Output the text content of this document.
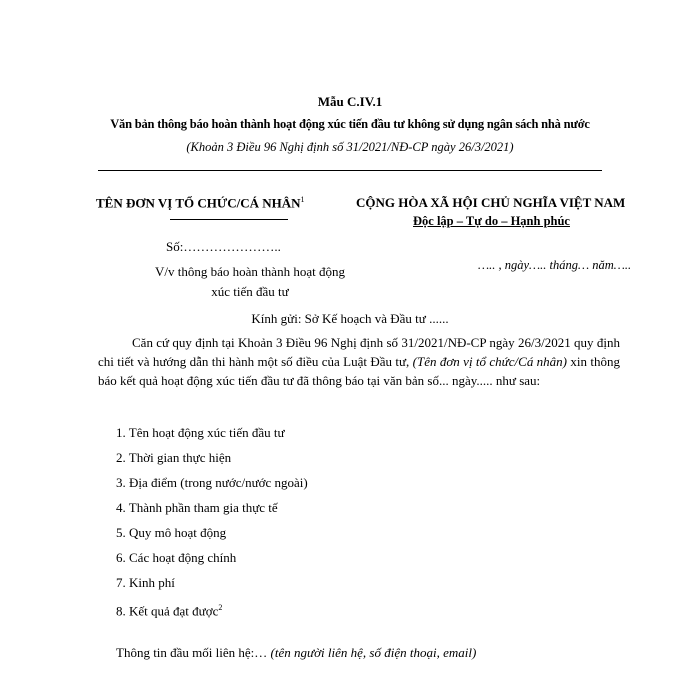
Mẫu C.IV.1
Văn bản thông báo hoàn thành hoạt động xúc tiến đầu tư không sử dụng ngân sách nhà nước
(Khoản 3 Điều 96 Nghị định số 31/2021/NĐ-CP ngày 26/3/2021)
TÊN ĐƠN VỊ TỔ CHỨC/CÁ NHÂN$^1$	CỘNG HÒA XÃ HỘI CHỦ NGHĨA VIỆT NAM
Độc lập – Tự do – Hạnh phúc
Số:…………………..
V/v thông báo hoàn thành hoạt động xúc tiến đầu tư
….. , ngày….. tháng… năm…..
Kính gửi: Sở Kế hoạch và Đầu tư ......

Căn cứ quy định tại Khoản 3 Điều 96 Nghị định số 31/2021/NĐ-CP ngày 26/3/2021 quy định chi tiết và hướng dẫn thi hành một số điều của Luật Đầu tư, (Tên đơn vị tổ chức/Cá nhân) xin thông báo kết quả hoạt động xúc tiến đầu tư đã thông báo tại văn bản số... ngày..... như sau:

1. Tên hoạt động xúc tiến đầu tư
2. Thời gian thực hiện
3. Địa điểm (trong nước/nước ngoài)
4. Thành phần tham gia thực tế
5. Quy mô hoạt động
6. Các hoạt động chính
7. Kinh phí
8. Kết quả đạt được$^2$
Thông tin đầu mối liên hệ:… (tên người liên hệ, số điện thoại, email)
